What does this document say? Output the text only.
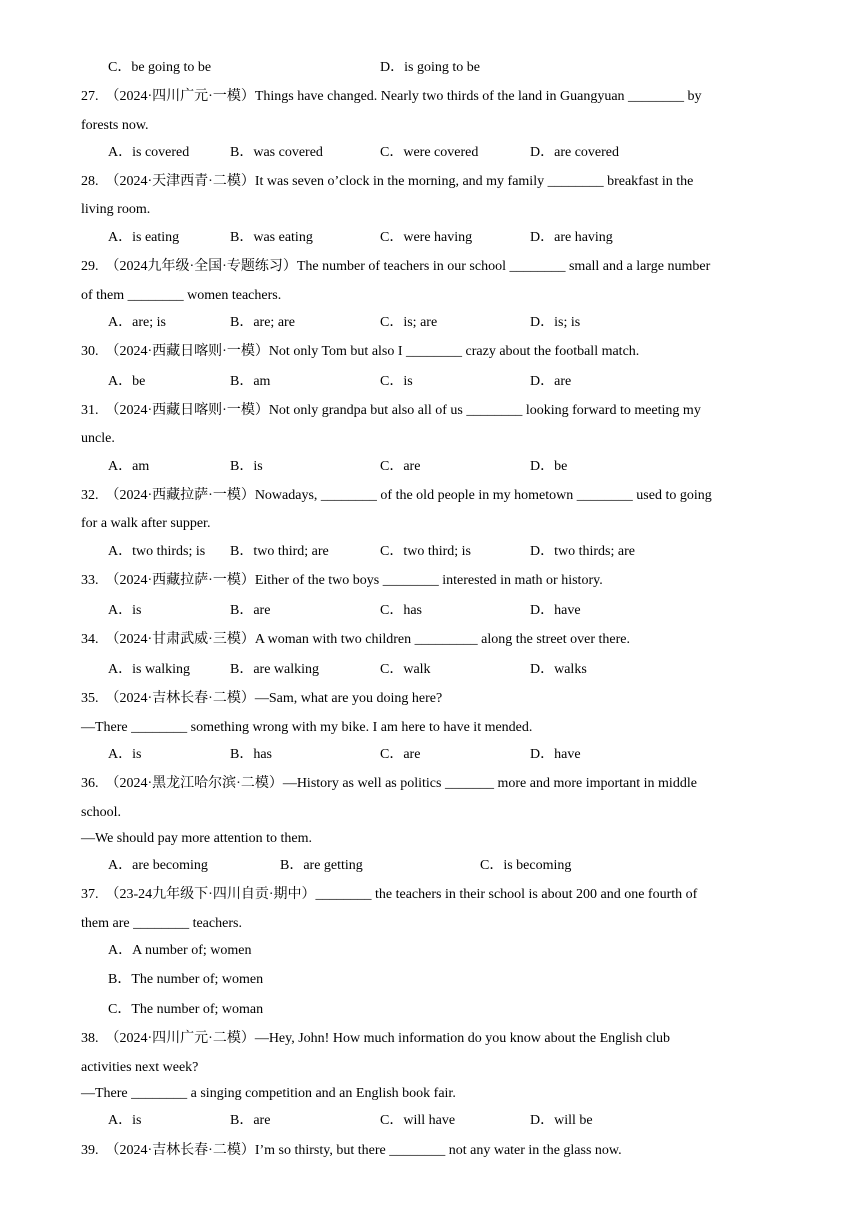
C．be going to be	D．is going to be
27.　（2024·四川广元·一模）Things have changed. Nearly two thirds of the land in Guangyuan ________ by
forests now.
A．is covered	B．was covered	C．were covered	D．are covered
28.　（2024·天津西青·二模）It was seven o’clock in the morning, and my family ________ breakfast in the
living room.
A．is eating	B．was eating	C．were having	D．are having
29.　（2024九年级·全国·专题练习）The number of teachers in our school ________ small and a large number
of them ________ women teachers.
A．are; is	B．are; are	C．is; are	D．is; is
30.　（2024·西藏日喀则·一模）Not only Tom but also I ________ crazy about the football match.
A．be	B．am	C．is	D．are
31.　（2024·西藏日喀则·一模）Not only grandpa but also all of us ________ looking forward to meeting my
uncle.
A．am	B．is	C．are	D．be
32.　（2024·西藏拉萨·一模）Nowadays, ________ of the old people in my hometown ________ used to going
for a walk after supper.
A．two thirds; is B．two third; are	C．two third; is	D．two thirds; are
33.　（2024·西藏拉萨·一模）Either of the two boys ________ interested in math or history.
A．is	B．are	C．has	D．have
34.　（2024·甘肃武威·三模）A woman with two children _________ along the street over there.
A．is walking	B．are walking	C．walk	D．walks
35.　（2024·吉林长春·二模）—Sam, what are you doing here?
—There ________ something wrong with my bike. I am here to have it mended.
A．is	B．has	C．are	D．have
36.　（2024·黑龙江哈尔滨·二模）—History as well as politics _______ more and more important in middle
school.
—We should pay more attention to them.
A．are becoming	B．are getting	C．is becoming
37.　（23-24九年级下·四川自贡·期中）________ the teachers in their school is about 200 and one fourth of
them are ________ teachers.
A．A number of; women
B．The number of; women
C．The number of; woman
38.　（2024·四川广元·二模）—Hey, John! How much information do you know about the English club
activities next week?
—There ________ a singing competition and an English book fair.
A．is	B．are	C．will have	D．will be
39.　（2024·吉林长春·二模）I’m so thirsty, but there ________ not any water in the glass now.
